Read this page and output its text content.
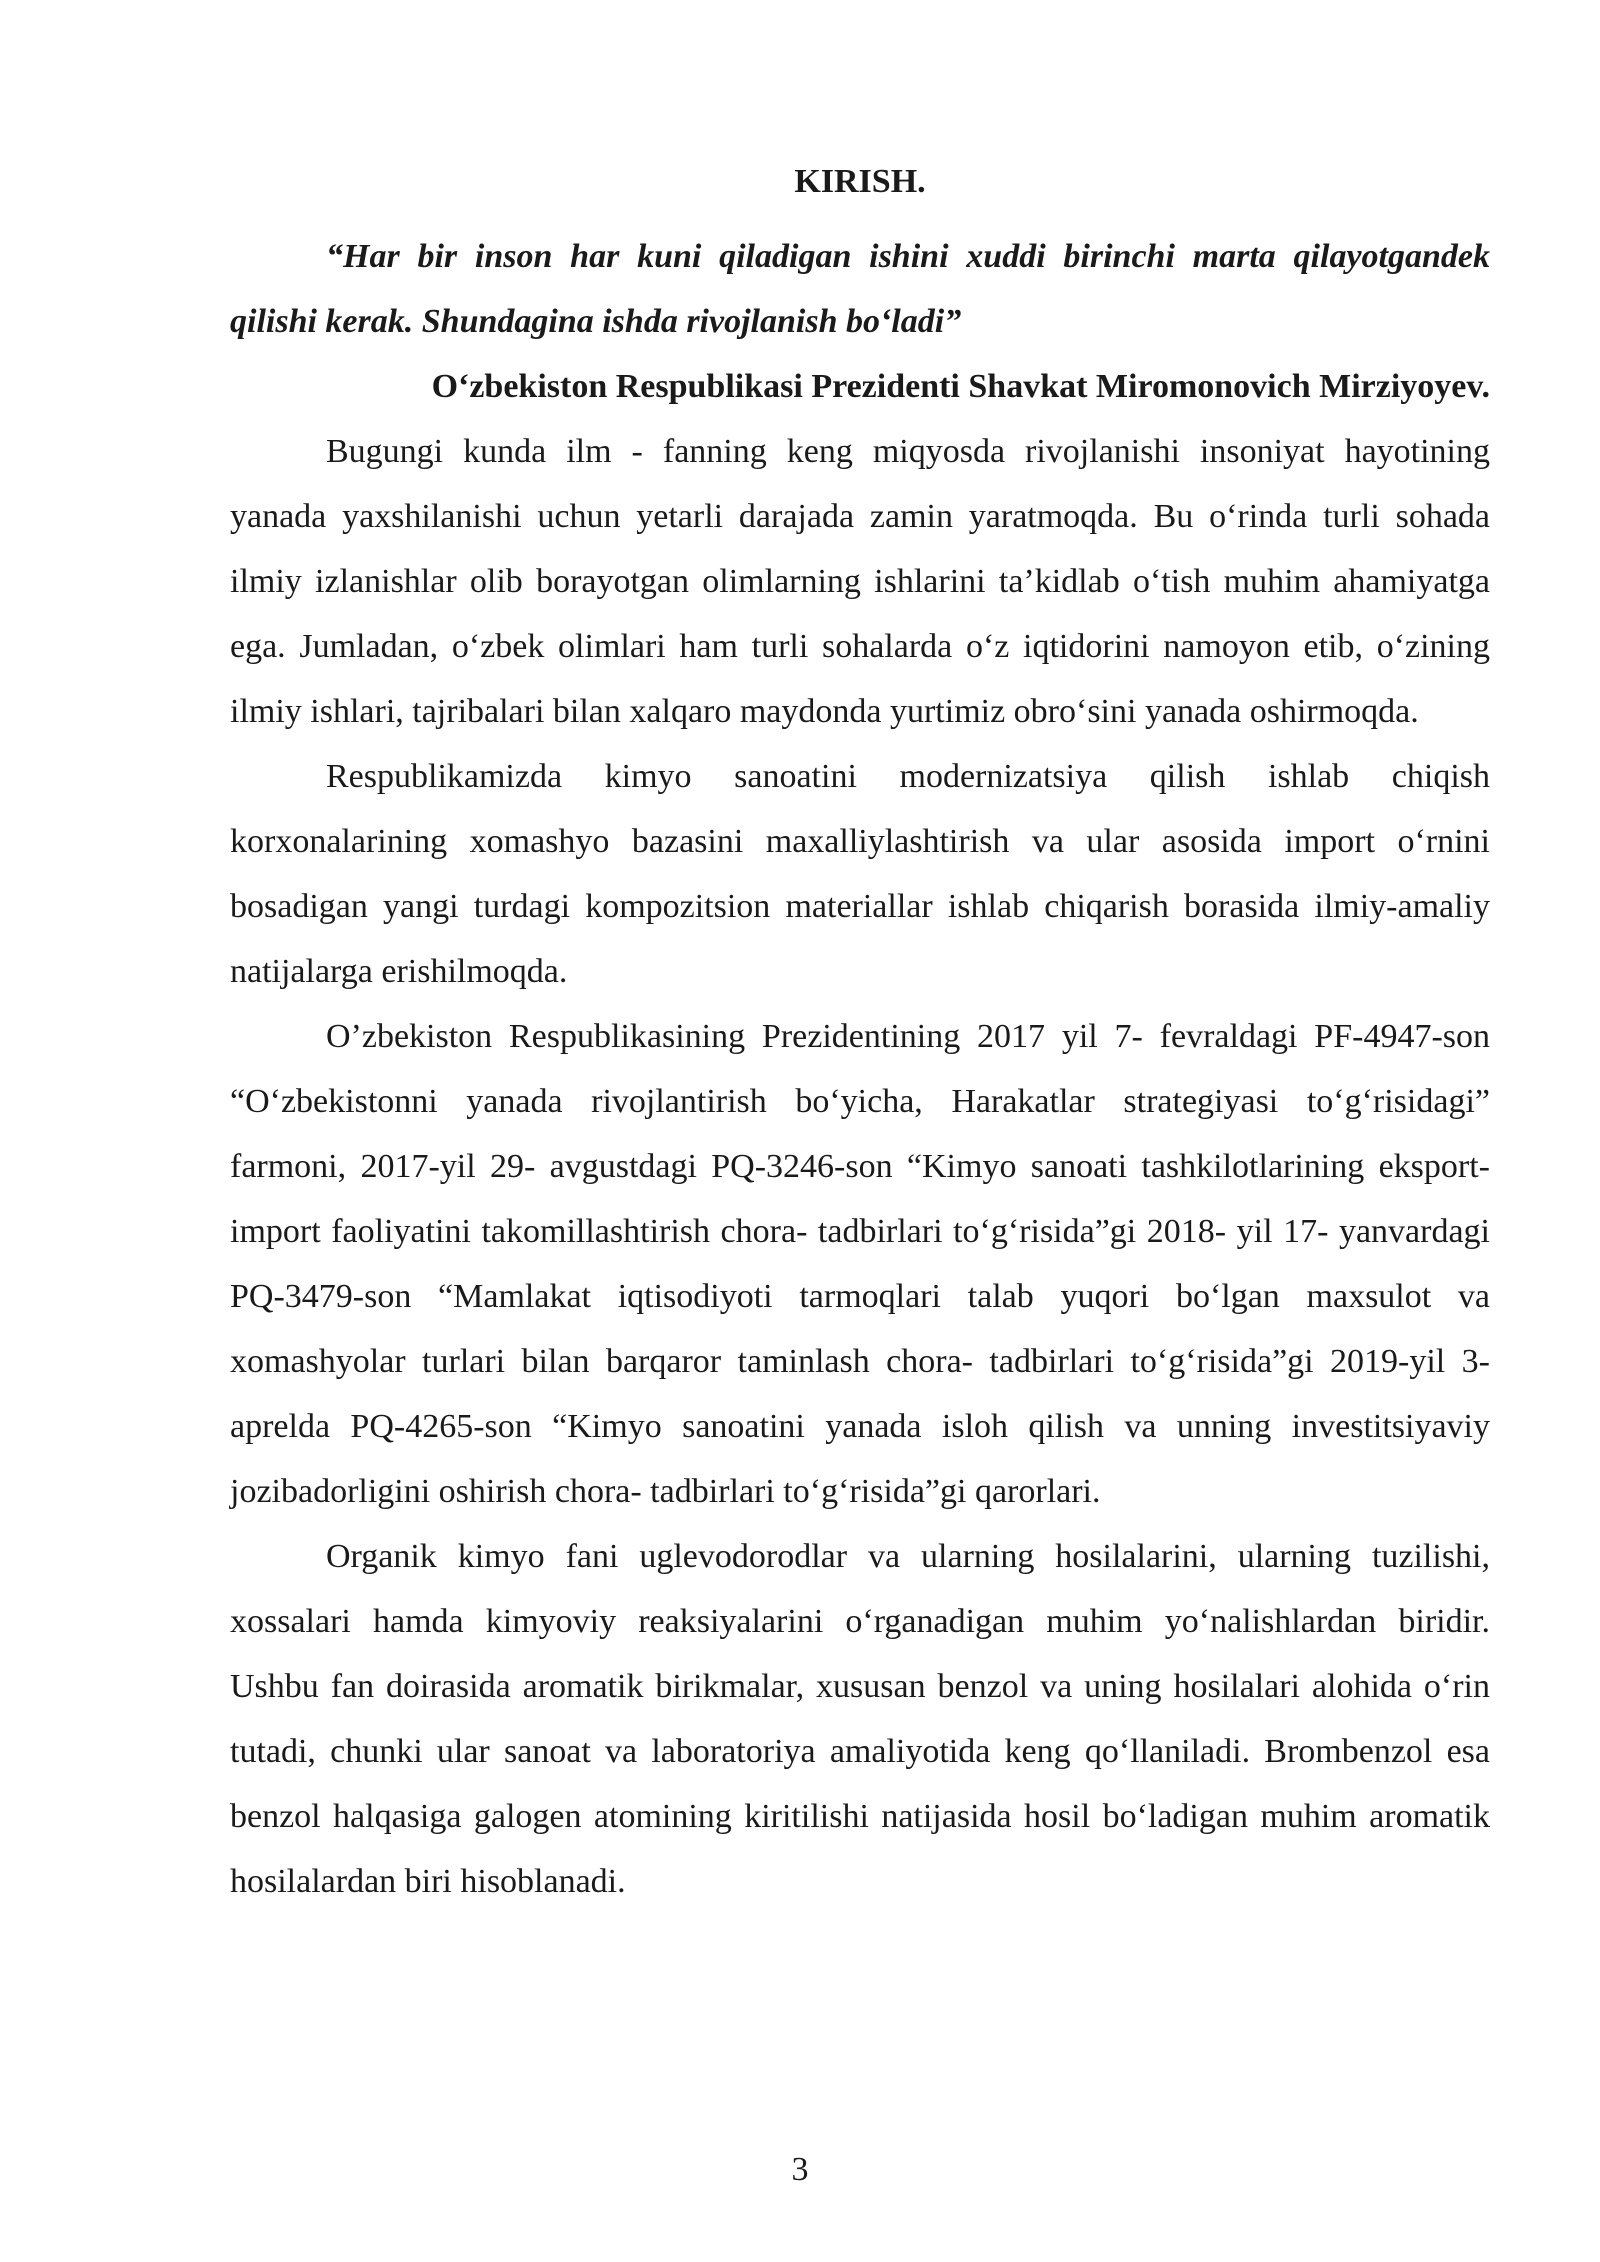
KIRISH.

“Har bir inson har kuni qiladigan ishini xuddi birinchi marta qilayotgandek qilishi kerak. Shundagina ishda rivojlanish bo‘ladi”

O‘zbekiston Respublikasi Prezidenti Shavkat Miromonovich Mirziyoyev.

Bugungi kunda ilm - fanning keng miqyosda rivojlanishi insoniyat hayotining yanada yaxshilanishi uchun yetarli darajada zamin yaratmoqda. Bu o‘rinda turli sohada ilmiy izlanishlar olib borayotgan olimlarning ishlarini ta’kidlab o‘tish muhim ahamiyatga ega. Jumladan, o‘zbek olimlari ham turli sohalarda o‘z iqtidorini namoyon etib, o‘zining ilmiy ishlari, tajribalari bilan xalqaro maydonda yurtimiz obro‘sini yanada oshirmoqda.

Respublikamizda kimyo sanoatini modernizatsiya qilish ishlab chiqish korxonalarining xomashyo bazasini maxalliylashtirish va ular asosida import o‘rnini bosadigan yangi turdagi kompozitsion materiallar ishlab chiqarish borasida ilmiy-amaliy natijalarga erishilmoqda.

O’zbekiston Respublikasining Prezidentining 2017 yil 7- fevraldagi PF-4947-son “O‘zbekistonni yanada rivojlantirish bo‘yicha, Harakatlar strategiyasi to‘g‘risidagi” farmoni, 2017-yil 29- avgustdagi PQ-3246-son “Kimyo sanoati tashkilotlarining eksport-import faoliyatini takomillashtirish chora- tadbirlari to‘g‘risida”gi 2018- yil 17- yanvardagi PQ-3479-son “Mamlakat iqtisodiyoti tarmoqlari talab yuqori bo‘lgan maxsulot va xomashyolar turlari bilan barqaror taminlash chora- tadbirlari to‘g‘risida”gi 2019-yil 3-aprelda PQ-4265-son “Kimyo sanoatini yanada isloh qilish va unning investitsiyaviy jozibadorligini oshirish chora- tadbirlari to‘g‘risida”gi qarorlari.

Organik kimyo fani uglevodorodlar va ularning hosilalarini, ularning tuzilishi, xossalari hamda kimyoviy reaksiyalarini o‘rganadigan muhim yo‘nalishlardan biridir. Ushbu fan doirasida aromatik birikmalar, xususan benzol va uning hosilalari alohida o‘rin tutadi, chunki ular sanoat va laboratoriya amaliyotida keng qo‘llaniladi. Brombenzol esa benzol halqasiga galogen atomining kiritilishi natijasida hosil bo‘ladigan muhim aromatik hosilalardan biri hisoblanadi.

3
